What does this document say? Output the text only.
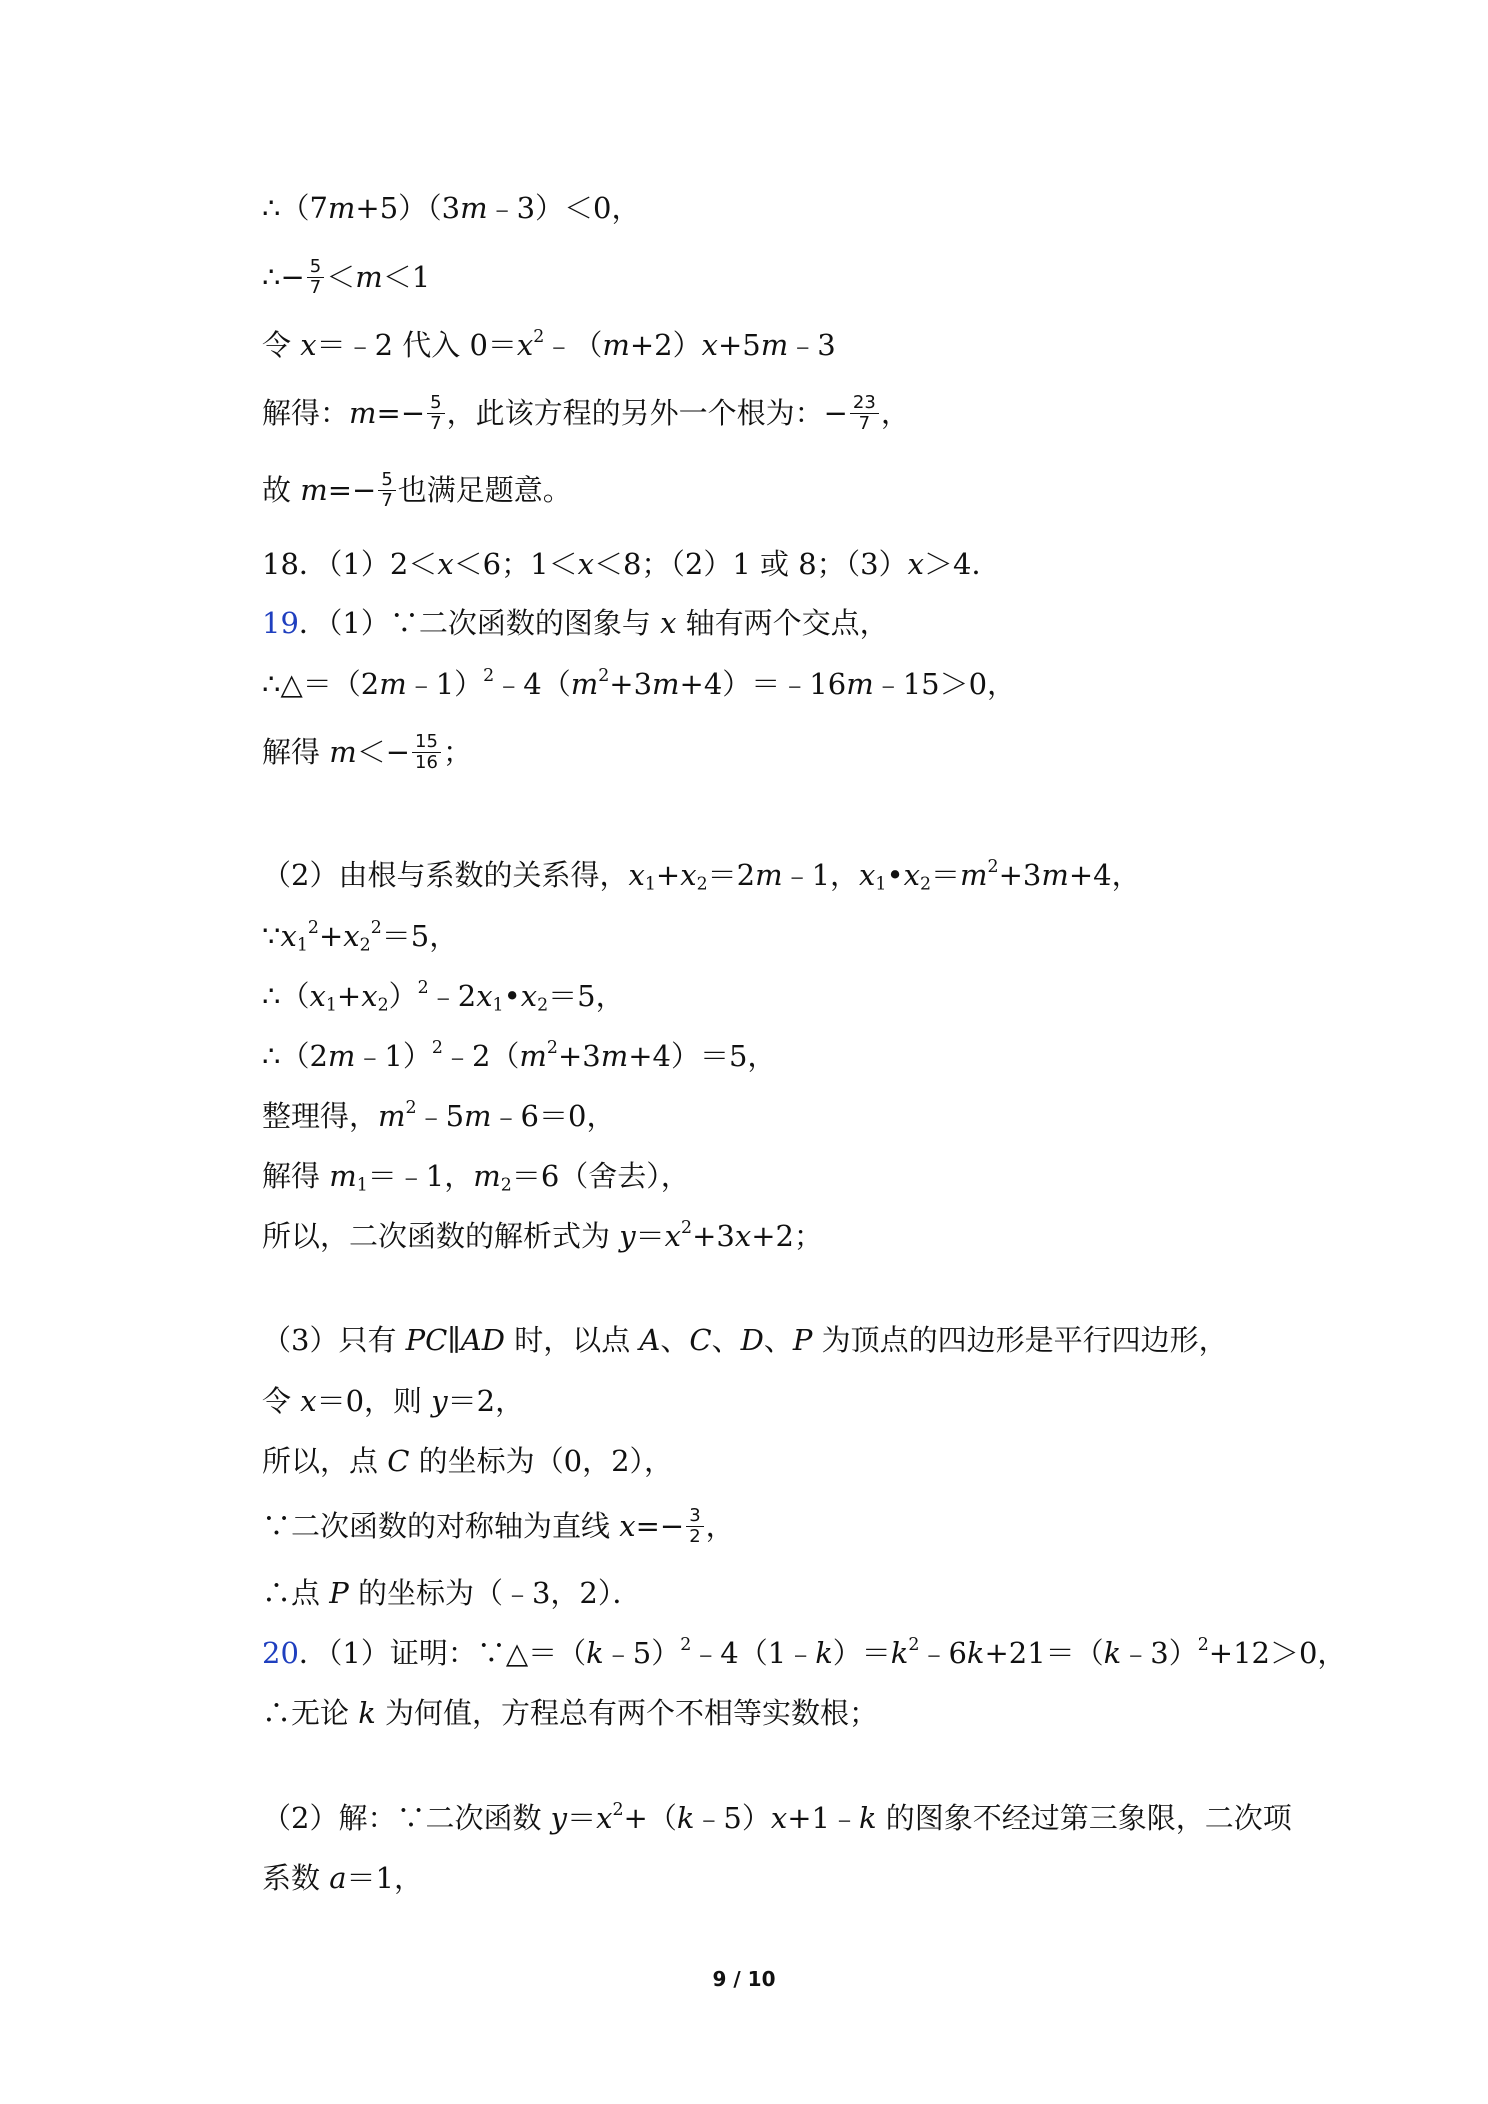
∴（7m+5）（3m﹣3）＜0，
∴− $\frac{5}{7} <m<1$
令 x＝﹣2 代入 $0=x^2﹣(m+2)x+5m﹣3$
解得：$m=- \frac{5}{7}$ ，此该方程的另外一个根为：− $\frac{23}{7}$ ，
故 $m=- \frac{5}{7}$ 也满足题意。
18．（1）2＜x＜6；1＜x＜8；（2）1 或 8；（3）x＞4．
19．（1）∵二次函数的图象与 x 轴有两个交点，
$\therefore\triangle=(2m﹣1)^2﹣4(m^2+3m+4)=﹣16m﹣15>0$，
解得 $m<- \frac{15}{16}$ ；
（2）由根与系数的关系得，$x_1+x_2=2m﹣1$，$x_1•x_2=m^2+3m+4$，
$\because x_1^2+x_2^2=5$，
$\therefore(x_1+x_2)^2﹣2x_1•x_2=5$，
$\therefore(2m﹣1)^2﹣2(m^2+3m+4)=5$，
整理得，$m^2﹣5m﹣6=0$，
解得 $m_1=﹣1$，$m_2=6$（舍去），
所以，二次函数的解析式为 $y=x^2+3x+2$；
（3）只有 PC∥AD 时，以点 A、C、D、P 为顶点的四边形是平行四边形，
令 x＝0，则 y＝2，
所以，点 C 的坐标为（0，2），
∵二次函数的对称轴为直线 $x=- \frac{3}{2}$ ，
∴点 P 的坐标为（﹣3，2）．
20．（1）证明：$\because\triangle=(k﹣5)^2﹣4(1﹣k)=k^2﹣6k+21=(k﹣3)^2+12>0$，
∴无论 k 为何值，方程总有两个不相等实数根；
（2）解：∵二次函数 $y=x^2+(k﹣5)x+1﹣k$ 的图象不经过第三象限，二次项
系数 a＝1，
9 / 10
